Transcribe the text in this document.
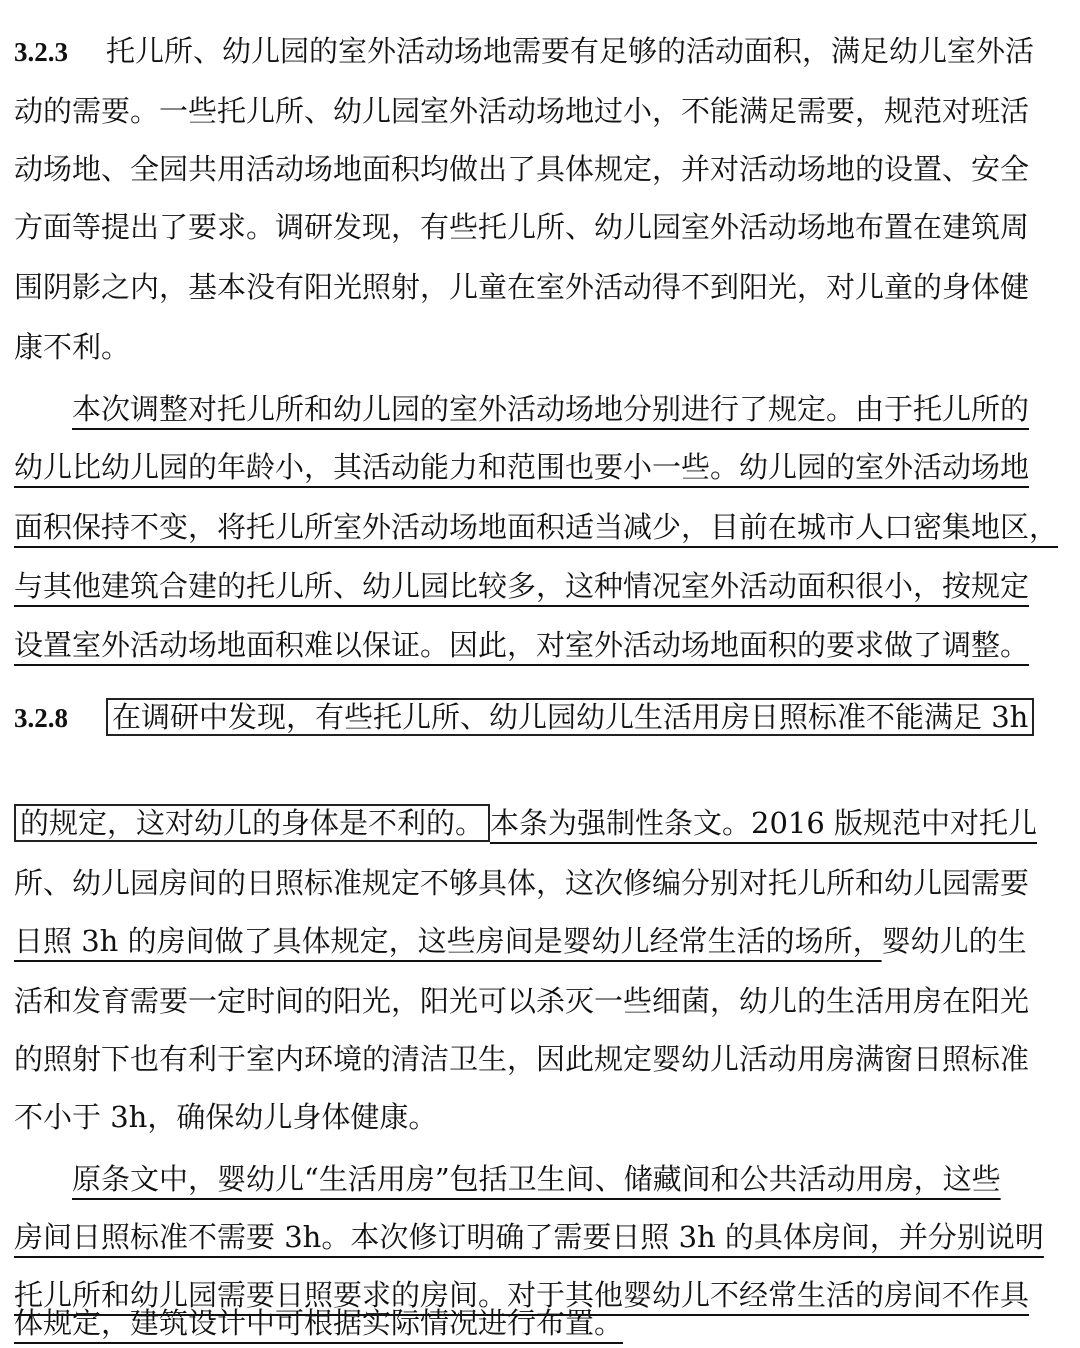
3.2.3 托儿所、幼儿园的室外活动场地需要有足够的活动面积，满足幼儿室外活
动的需要。一些托儿所、幼儿园室外活动场地过小，不能满足需要，规范对班活
动场地、全园共用活动场地面积均做出了具体规定，并对活动场地的设置、安全
方面等提出了要求。调研发现，有些托儿所、幼儿园室外活动场地布置在建筑周
围阴影之内，基本没有阳光照射，儿童在室外活动得不到阳光，对儿童的身体健
康不利。
本次调整对托儿所和幼儿园的室外活动场地分别进行了规定。由于托儿所的
幼儿比幼儿园的年龄小，其活动能力和范围也要小一些。幼儿园的室外活动场地
面积保持不变，将托儿所室外活动场地面积适当减少，目前在城市人口密集地区，
与其他建筑合建的托儿所、幼儿园比较多，这种情况室外活动面积很小，按规定
设置室外活动场地面积难以保证。因此，对室外活动场地面积的要求做了调整。
3.2.8 在调研中发现，有些托儿所、幼儿园幼儿生活用房日照标准不能满足 3h
的规定，这对幼儿的身体是不利的。 本条为强制性条文。2016 版规范中对托儿
所、幼儿园房间的日照标准规定不够具体，这次修编分别对托儿所和幼儿园需要
日照 3h 的房间做了具体规定，这些房间是婴幼儿经常生活的场所，婴幼儿的生
活和发育需要一定时间的阳光，阳光可以杀灭一些细菌，幼儿的生活用房在阳光
的照射下也有利于室内环境的清洁卫生，因此规定婴幼儿活动用房满窗日照标准
不小于 3h，确保幼儿身体健康。
原条文中，婴幼儿“生活用房”包括卫生间、储藏间和公共活动用房，这些
房间日照标准不需要 3h。本次修订明确了需要日照 3h 的具体房间，并分别说明
托儿所和幼儿园需要日照要求的房间。对于其他婴幼儿不经常生活的房间不作具
体规定，建筑设计中可根据实际情况进行布置。
